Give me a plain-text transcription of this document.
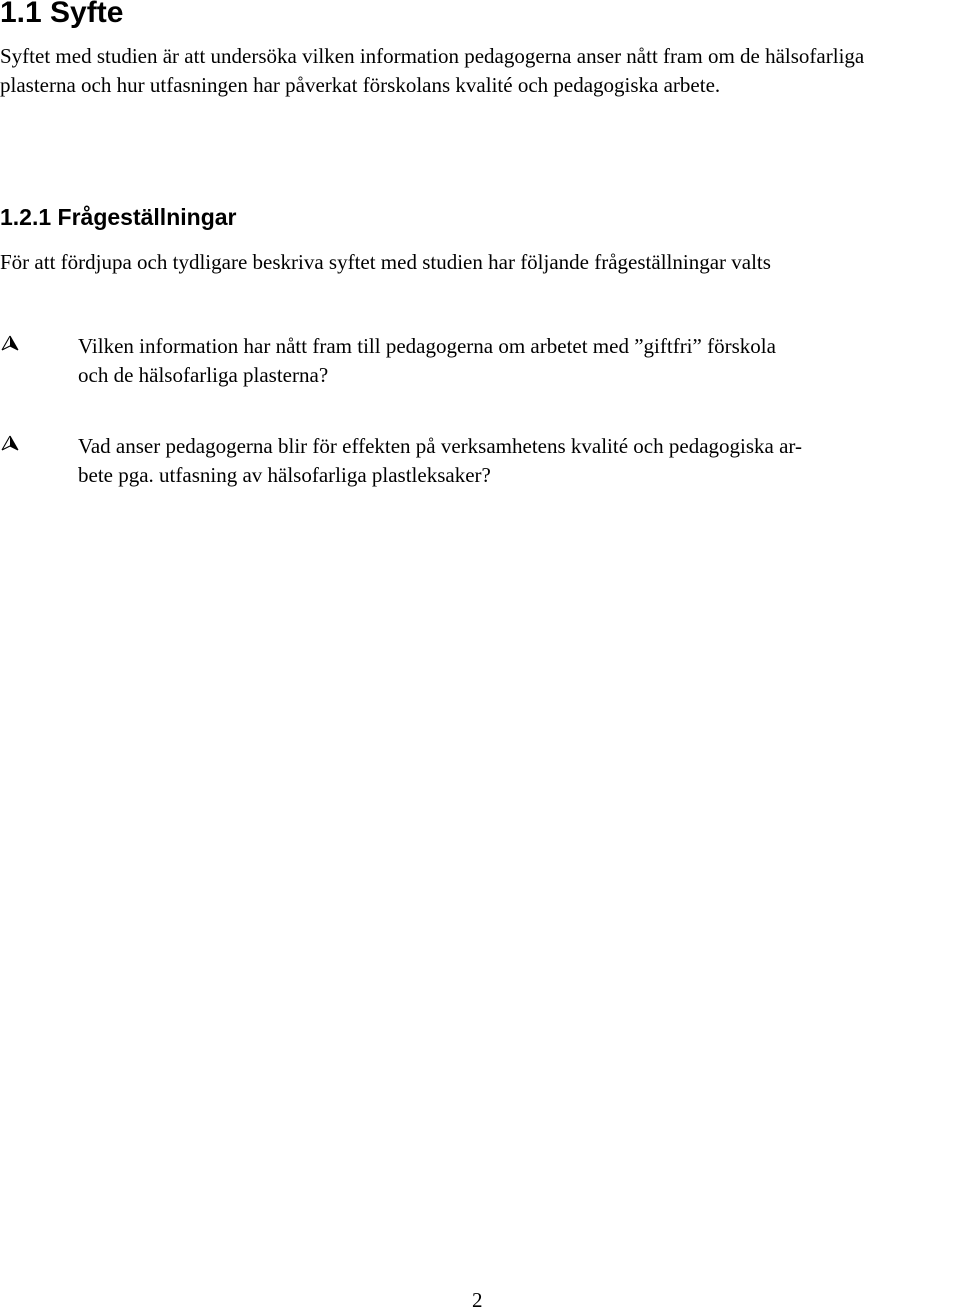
1.1 Syfte

Syftet med studien är att undersöka vilken information pedagogerna anser nått fram om de hälsofarliga plasterna och hur utfasningen har påverkat förskolans kvalité och pedagogiska arbete.

1.2.1 Frågeställningar

För att fördjupa och tydligare beskriva syftet med studien har följande frågeställningar valts

Vilken information har nått fram till pedagogerna om arbetet med ”giftfri” förskola
och de hälsofarliga plasterna?
Vad anser pedagogerna blir för effekten på verksamhetens kvalité och pedagogiska ar-
bete pga. utfasning av hälsofarliga plastleksaker?

2
